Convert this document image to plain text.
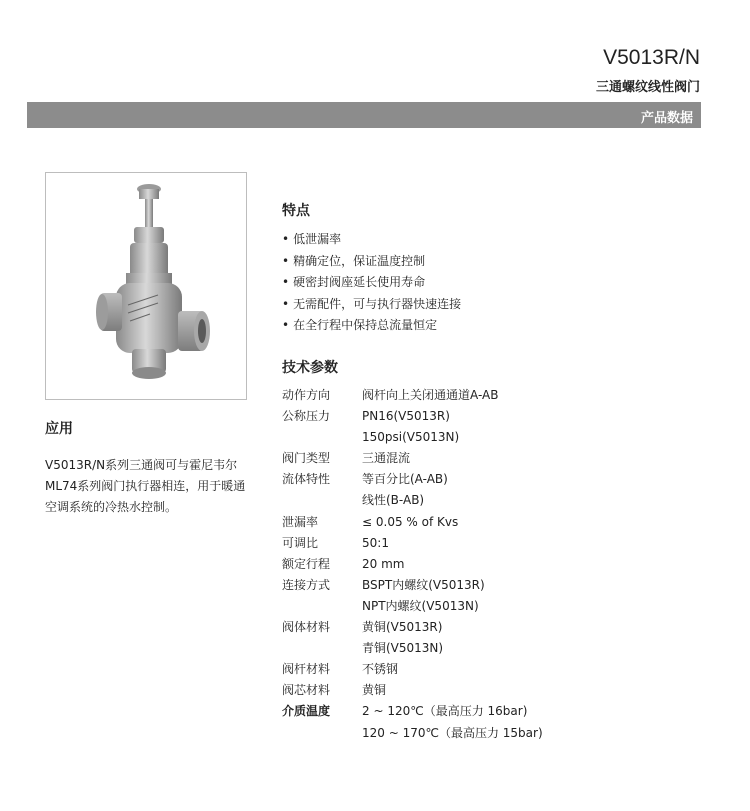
V5013R/N
三通螺纹线性阀门
产品数据
应用
V5013R/N系列三通阀可与霍尼韦尔
ML74系列阀门执行器相连，用于暖通
空调系统的冷热水控制。
特点
• 低泄漏率
• 精确定位，保证温度控制
• 硬密封阀座延长使用寿命
• 无需配件，可与执行器快速连接
• 在全行程中保持总流量恒定
技术参数
动作方向	阀杆向上关闭通通道A-AB
公称压力	PN16(V5013R)
150psi(V5013N)
阀门类型	三通混流
流体特性	等百分比(A-AB)
线性(B-AB)
泄漏率	≤ 0.05 % of Kvs
可调比	50:1
额定行程	20 mm
连接方式	BSPT内螺纹(V5013R)
NPT内螺纹(V5013N)
阀体材料	黄铜(V5013R)
青铜(V5013N)
阀杆材料	不锈钢
阀芯材料	黄铜
介质温度	2 ~ 120℃（最高压力 16bar)
120 ~ 170℃（最高压力 15bar)
